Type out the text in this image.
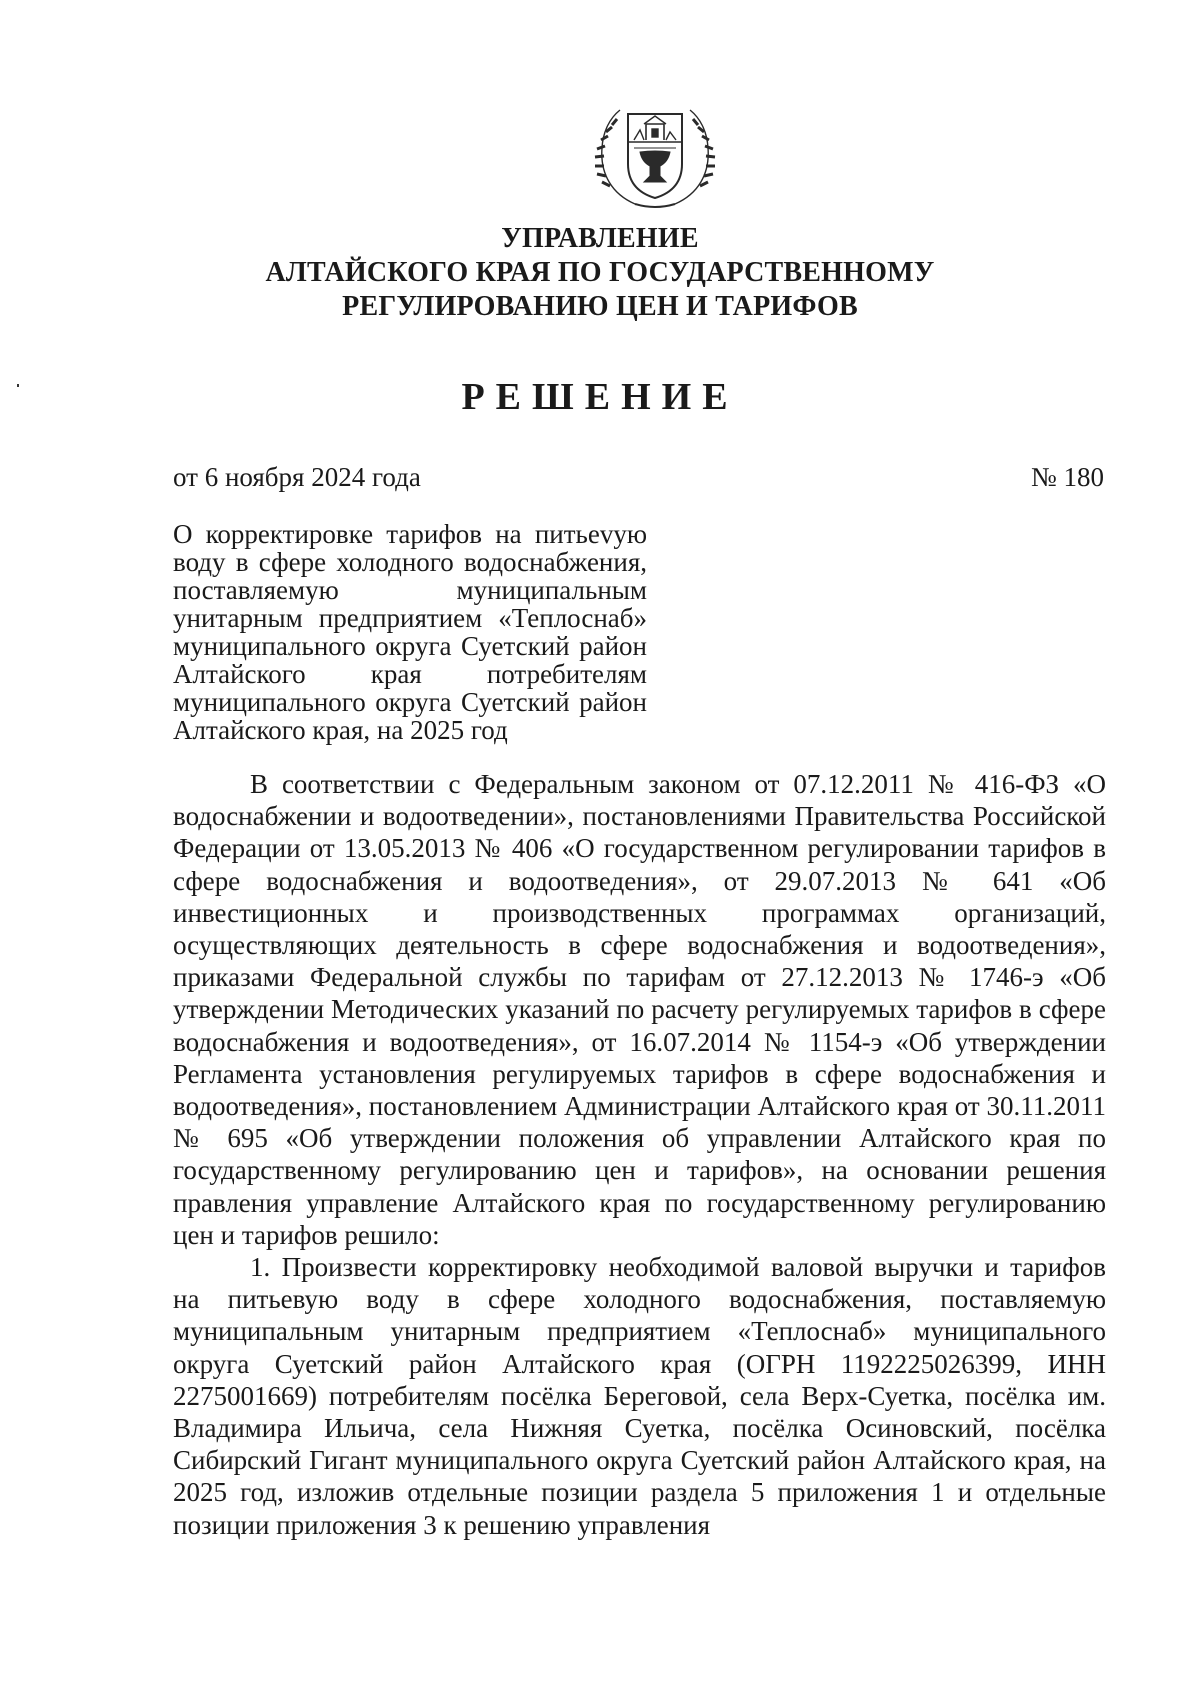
УПРАВЛЕНИЕ
АЛТАЙСКОГО КРАЯ ПО ГОСУДАРСТВЕННОМУ
РЕГУЛИРОВАНИЮ ЦЕН И ТАРИФОВ
РЕШЕНИЕ
от 6 ноября 2024 года	№ 180
О корректировке тарифов на питьеvую воду в сфере холодного водоснабжения, поставляемую муниципальным унитарным предприятием «Теплоснаб» муниципального округа Суетский район Алтайского края потребителям муниципального округа Суетский район Алтайского края, на 2025 год

В соответствии с Федеральным законом от 07.12.2011 № 416-ФЗ «О водоснабжении и водоотведении», постановлениями Правительства Российской Федерации от 13.05.2013 № 406 «О государственном регулировании тарифов в сфере водоснабжения и водоотведения», от 29.07.2013 № 641 «Об инвестиционных и производственных программах организаций, осуществляющих деятельность в сфере водоснабжения и водоотведения», приказами Федеральной службы по тарифам от 27.12.2013 № 1746-э «Об утверждении Методических указаний по расчету регулируемых тарифов в сфере водоснабжения и водоотведения», от 16.07.2014 № 1154-э «Об утверждении Регламента установления регулируемых тарифов в сфере водоснабжения и водоотведения», постановлением Администрации Алтайского края от 30.11.2011 № 695 «Об утверждении положения об управлении Алтайского края по государственному регулированию цен и тарифов», на основании решения правления управление Алтайского края по государственному регулированию цен и тарифов решило:

1. Произвести корректировку необходимой валовой выручки и тарифов на питьевую воду в сфере холодного водоснабжения, поставляемую муниципальным унитарным предприятием «Теплоснаб» муниципального округа Суетский район Алтайского края (ОГРН 1192225026399, ИНН 2275001669) потребителям посёлка Береговой, села Верх-Суетка, посёлка им. Владимира Ильича, села Нижняя Суетка, посёлка Осиновский, посёлка Сибирский Гигант муниципального округа Суетский район Алтайского края, на 2025 год, изложив отдельные позиции раздела 5 приложения 1 и отдельные позиции приложения 3 к решению управления
